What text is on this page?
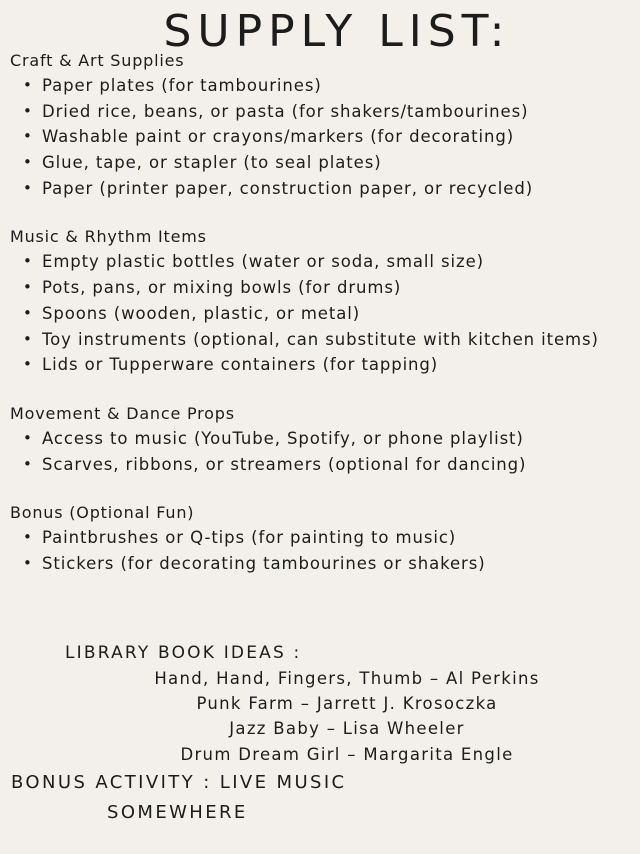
SUPPLY LIST:
Craft & Art Supplies
• Paper plates (for tambourines)
• Dried rice, beans, or pasta (for shakers/tambourines)
• Washable paint or crayons/markers (for decorating)
• Glue, tape, or stapler (to seal plates)
• Paper (printer paper, construction paper, or recycled)
Music & Rhythm Items
• Empty plastic bottles (water or soda, small size)
• Pots, pans, or mixing bowls (for drums)
• Spoons (wooden, plastic, or metal)
• Toy instruments (optional, can substitute with kitchen items)
• Lids or Tupperware containers (for tapping)
Movement & Dance Props
• Access to music (YouTube, Spotify, or phone playlist)
• Scarves, ribbons, or streamers (optional for dancing)
Bonus (Optional Fun)
• Paintbrushes or Q-tips (for painting to music)
• Stickers (for decorating tambourines or shakers)
LIBRARY BOOK IDEAS :
Hand, Hand, Fingers, Thumb – Al Perkins
Punk Farm – Jarrett J. Krosoczka
Jazz Baby – Lisa Wheeler
Drum Dream Girl – Margarita Engle
BONUS ACTIVITY : LIVE MUSIC
SOMEWHERE
